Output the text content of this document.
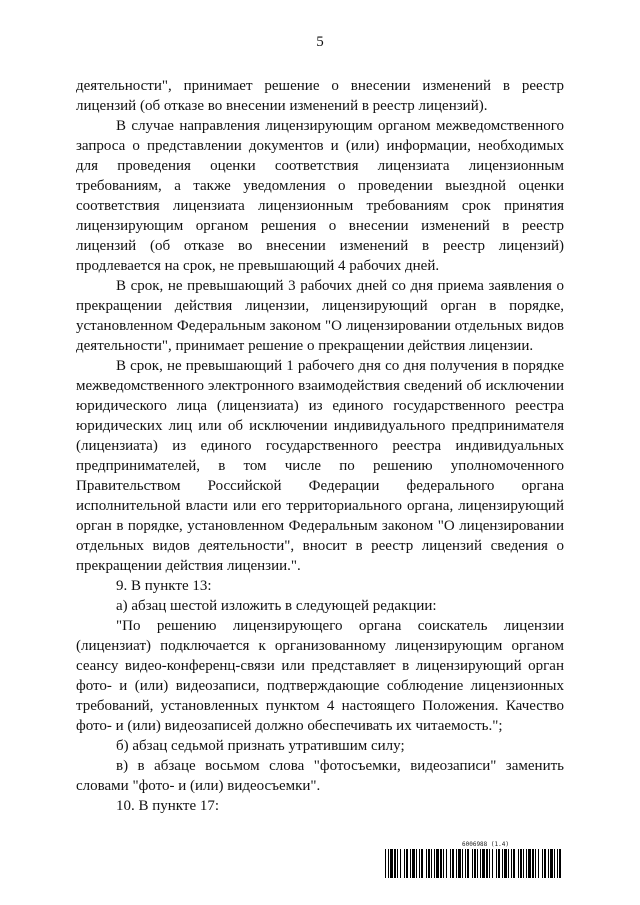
5

деятельности", принимает решение о внесении изменений в реестр лицензий (об отказе во внесении изменений в реестр лицензий).

В случае направления лицензирующим органом межведомственного запроса о представлении документов и (или) информации, необходимых для проведения оценки соответствия лицензиата лицензионным требованиям, а также уведомления о проведении выездной оценки соответствия лицензиата лицензионным требованиям срок принятия лицензирующим органом решения о внесении изменений в реестр лицензий (об отказе во внесении изменений в реестр лицензий) продлевается на срок, не превышающий 4 рабочих дней.

В срок, не превышающий 3 рабочих дней со дня приема заявления о прекращении действия лицензии, лицензирующий орган в порядке, установленном Федеральным законом "О лицензировании отдельных видов деятельности", принимает решение о прекращении действия лицензии.

В срок, не превышающий 1 рабочего дня со дня получения в порядке межведомственного электронного взаимодействия сведений об исключении юридического лица (лицензиата) из единого государственного реестра юридических лиц или об исключении индивидуального предпринимателя (лицензиата) из единого государственного реестра индивидуальных предпринимателей, в том числе по решению уполномоченного Правительством Российской Федерации федерального органа исполнительной власти или его территориального органа, лицензирующий орган в порядке, установленном Федеральным законом "О лицензировании отдельных видов деятельности", вносит в реестр лицензий сведения о прекращении действия лицензии.".

9. В пункте 13:

а) абзац шестой изложить в следующей редакции:

"По решению лицензирующего органа соискатель лицензии (лицензиат) подключается к организованному лицензирующим органом сеансу видео-конференц-связи или представляет в лицензирующий орган фото- и (или) видеозаписи, подтверждающие соблюдение лицензионных требований, установленных пунктом 4 настоящего Положения. Качество фото- и (или) видеозаписей должно обеспечивать их читаемость.";

б) абзац седьмой признать утратившим силу;

в) в абзаце восьмом слова "фотосъемки, видеозаписи" заменить словами "фото- и (или) видеосъемки".

10. В пункте 17:

6006988 (1.4)
